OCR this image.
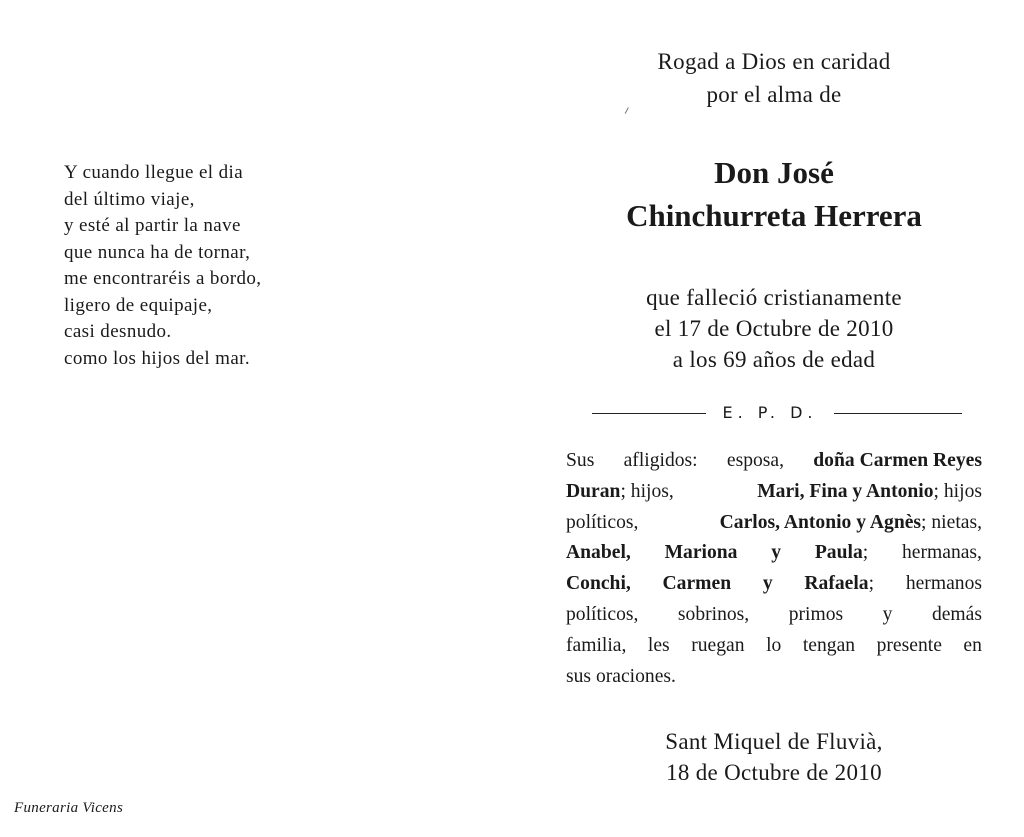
Y cuando llegue el dia
del último viaje,
y esté al partir la nave
que nunca ha de tornar,
me encontraréis a bordo,
ligero de equipaje,
casi desnudo.
como los hijos del mar.
Funeraria Vicens
Rogad a Dios en caridad
por el alma de
Don José
Chinchurreta Herrera
que falleció cristianamente
el 17 de Octubre de 2010
a los 69 años de edad
E. P. D.
Sus afligidos: esposa, doña Carmen Reyes
Duran; hijos,	Mari, Fina y Antonio; hijos
políticos,	Carlos, Antonio y Agnès; nietas,
Anabel, Mariona y Paula; hermanas,
Conchi, Carmen y Rafaela; hermanos
políticos, sobrinos, primos y demás
familia, les ruegan lo tengan presente en
sus oraciones.
Sant Miquel de Fluvià,
18 de Octubre de 2010
